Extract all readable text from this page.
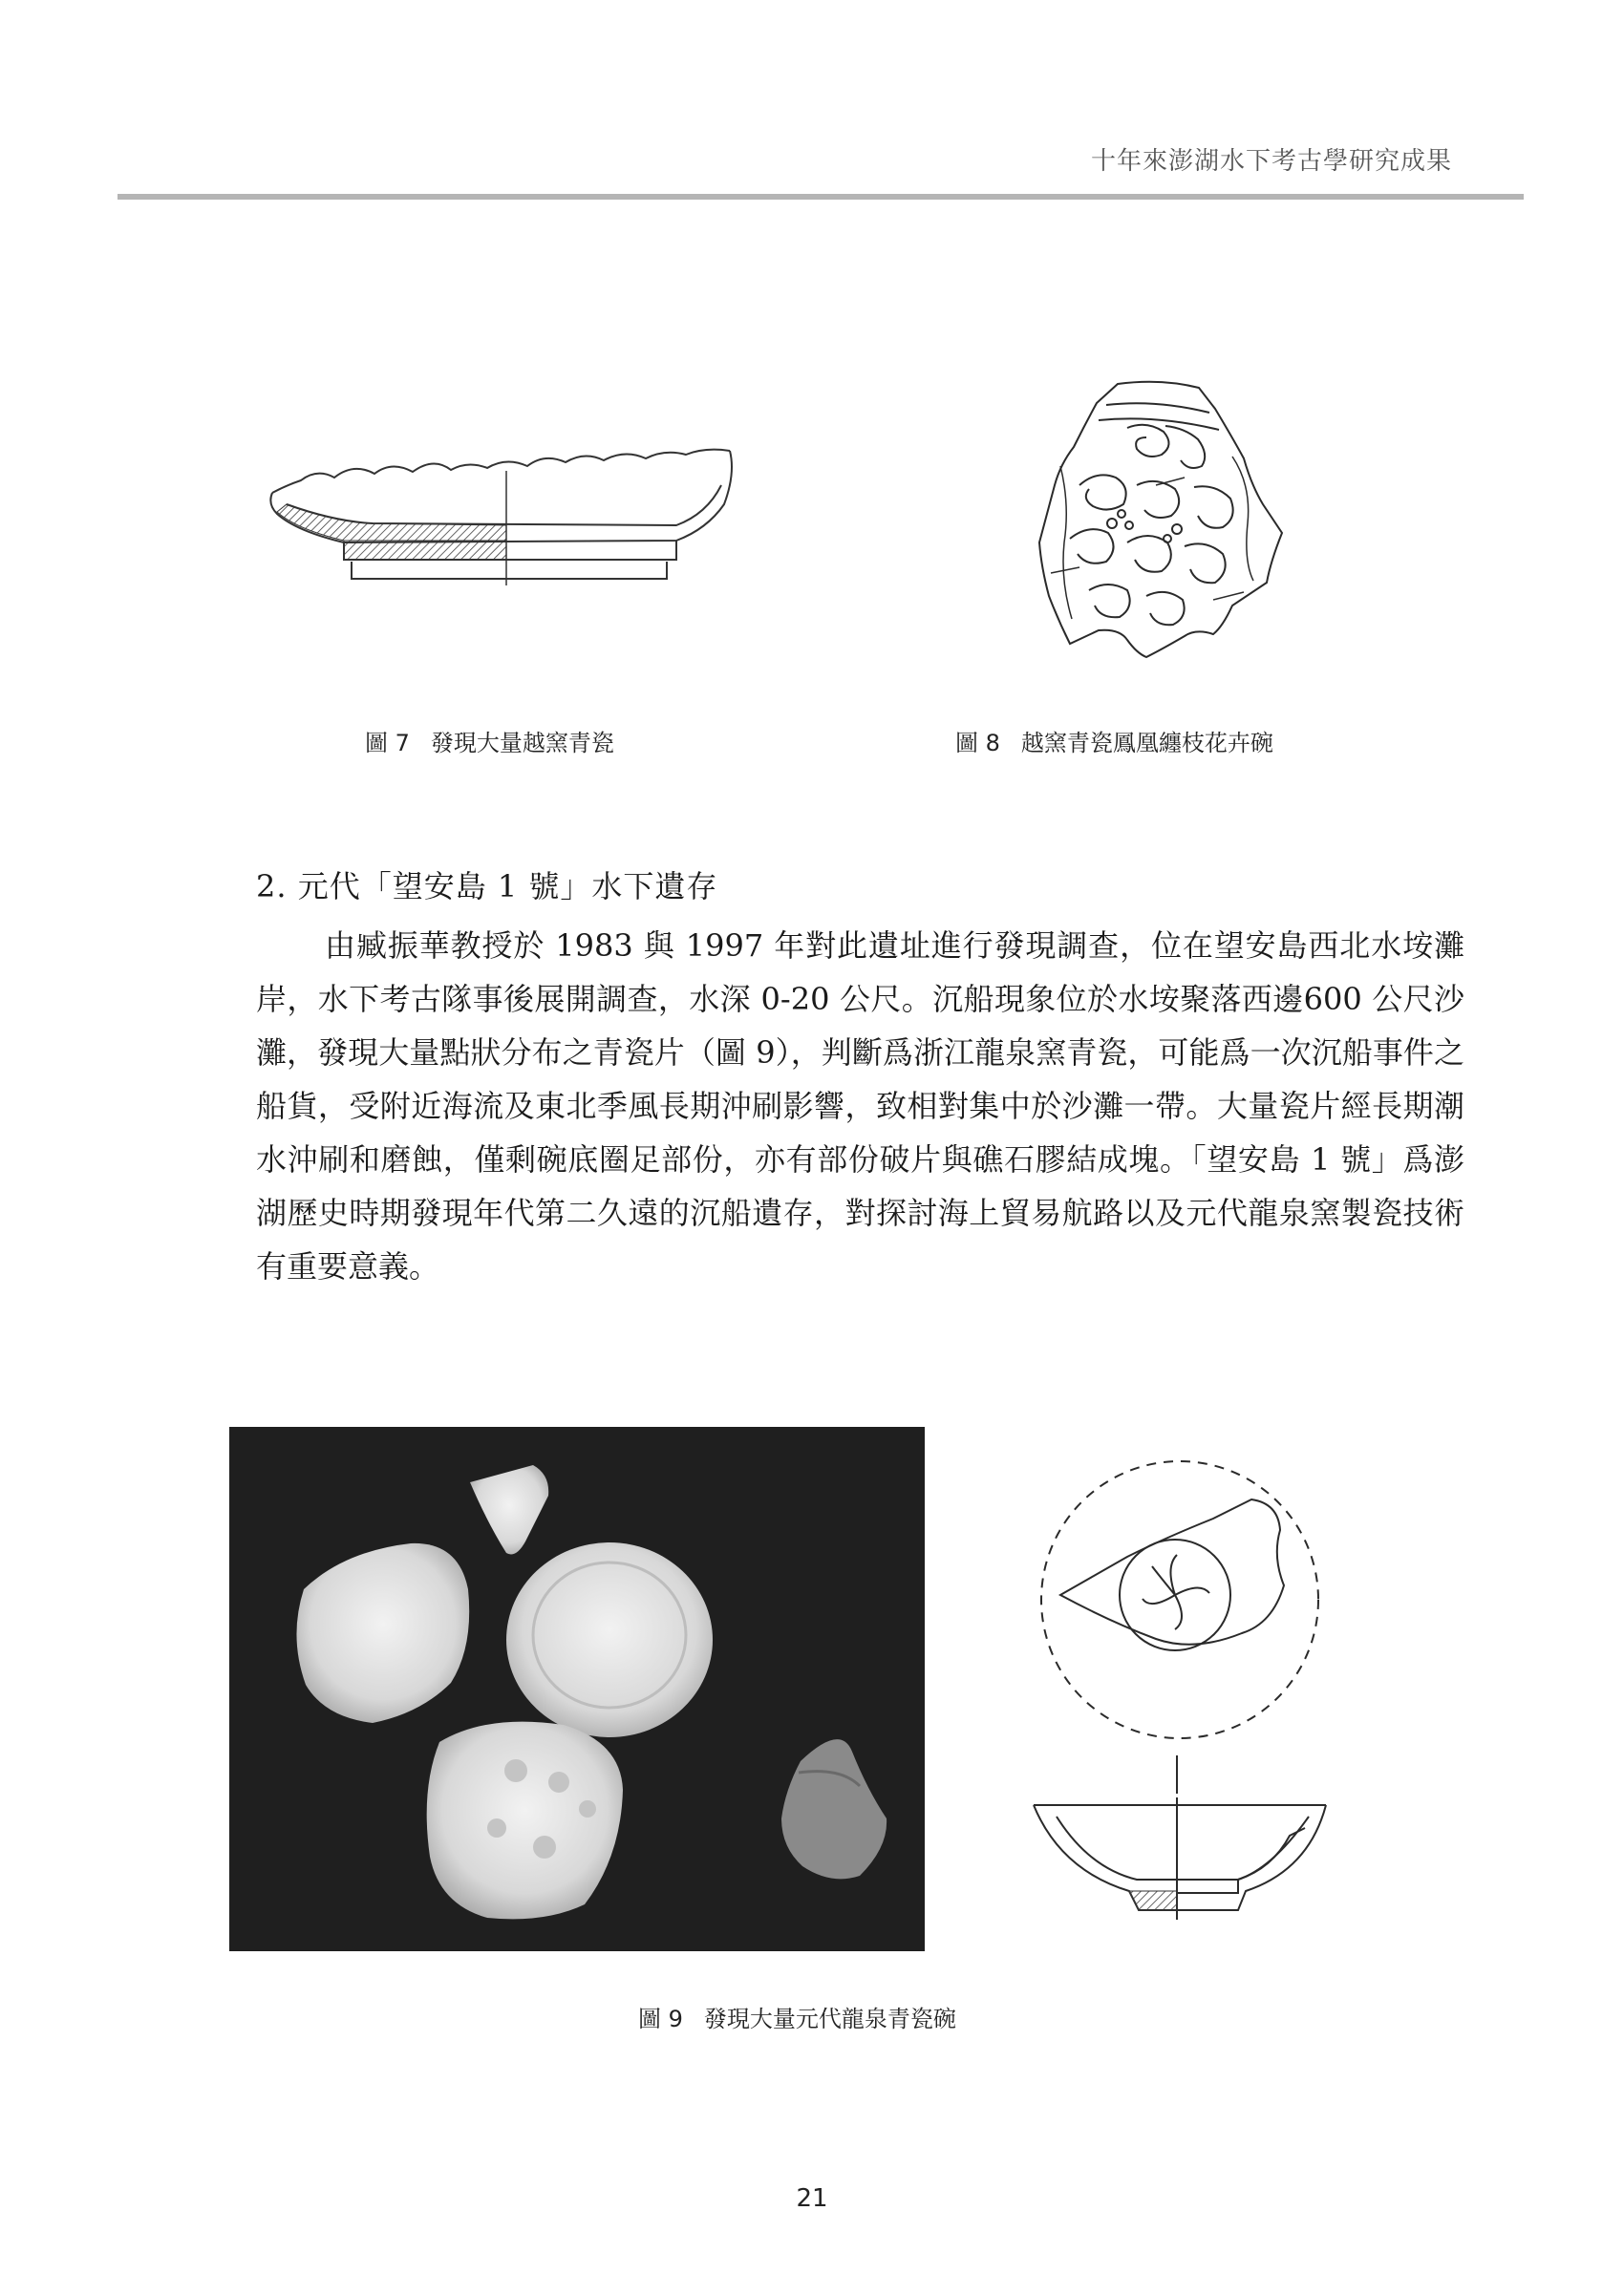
十年來澎湖水下考古學研究成果
圖 7 發現大量越窯青瓷	圖 8 越窯青瓷鳳凰纏枝花卉碗
2. 元代「望安島 1 號」水下遺存

由臧振華教授於 1983 與 1997 年對此遺址進行發現調查，位在望安島西北水垵灘岸，水下考古隊事後展開調查，水深 0-20 公尺。沉船現象位於水垵聚落西邊600 公尺沙灘，發現大量點狀分布之青瓷片（圖 9），判斷爲浙江龍泉窯青瓷，可能爲一次沉船事件之船貨，受附近海流及東北季風長期沖刷影響，致相對集中於沙灘一帶。大量瓷片經長期潮水沖刷和磨蝕，僅剩碗底圈足部份，亦有部份破片與礁石膠結成塊。「望安島 1 號」爲澎湖歷史時期發現年代第二久遠的沉船遺存，對探討海上貿易航路以及元代龍泉窯製瓷技術有重要意義。

圖 9 發現大量元代龍泉青瓷碗
21
